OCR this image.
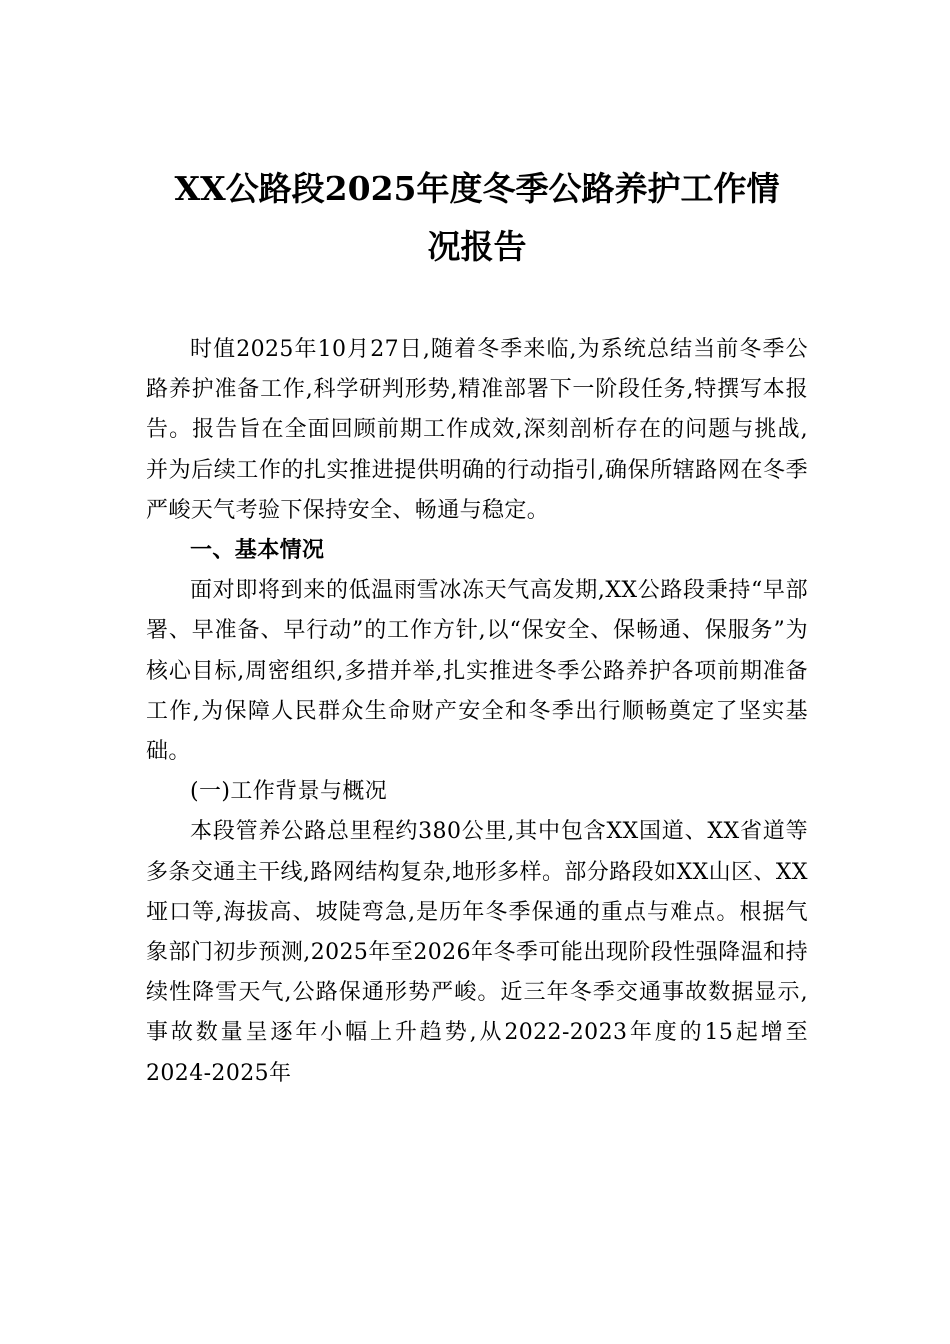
XX公路段2025年度冬季公路养护工作情
况报告

时值2025年10月27日,随着冬季来临,为系统总结当前冬季公路养护准备工作,科学研判形势,精准部署下一阶段任务,特撰写本报告。报告旨在全面回顾前期工作成效,深刻剖析存在的问题与挑战,并为后续工作的扎实推进提供明确的行动指引,确保所辖路网在冬季严峻天气考验下保持安全、畅通与稳定。

一、基本情况

面对即将到来的低温雨雪冰冻天气高发期,XX公路段秉持“早部署、早准备、早行动”的工作方针,以“保安全、保畅通、保服务”为核心目标,周密组织,多措并举,扎实推进冬季公路养护各项前期准备工作,为保障人民群众生命财产安全和冬季出行顺畅奠定了坚实基础。

(一)工作背景与概况

本段管养公路总里程约380公里,其中包含XX国道、XX省道等多条交通主干线,路网结构复杂,地形多样。部分路段如XX山区、XX垭口等,海拔高、坡陡弯急,是历年冬季保通的重点与难点。根据气象部门初步预测,2025年至2026年冬季可能出现阶段性强降温和持续性降雪天气,公路保通形势严峻。近三年冬季交通事故数据显示,事故数量呈逐年小幅上升趋势,从2022-2023年度的15起增至2024-2025年
